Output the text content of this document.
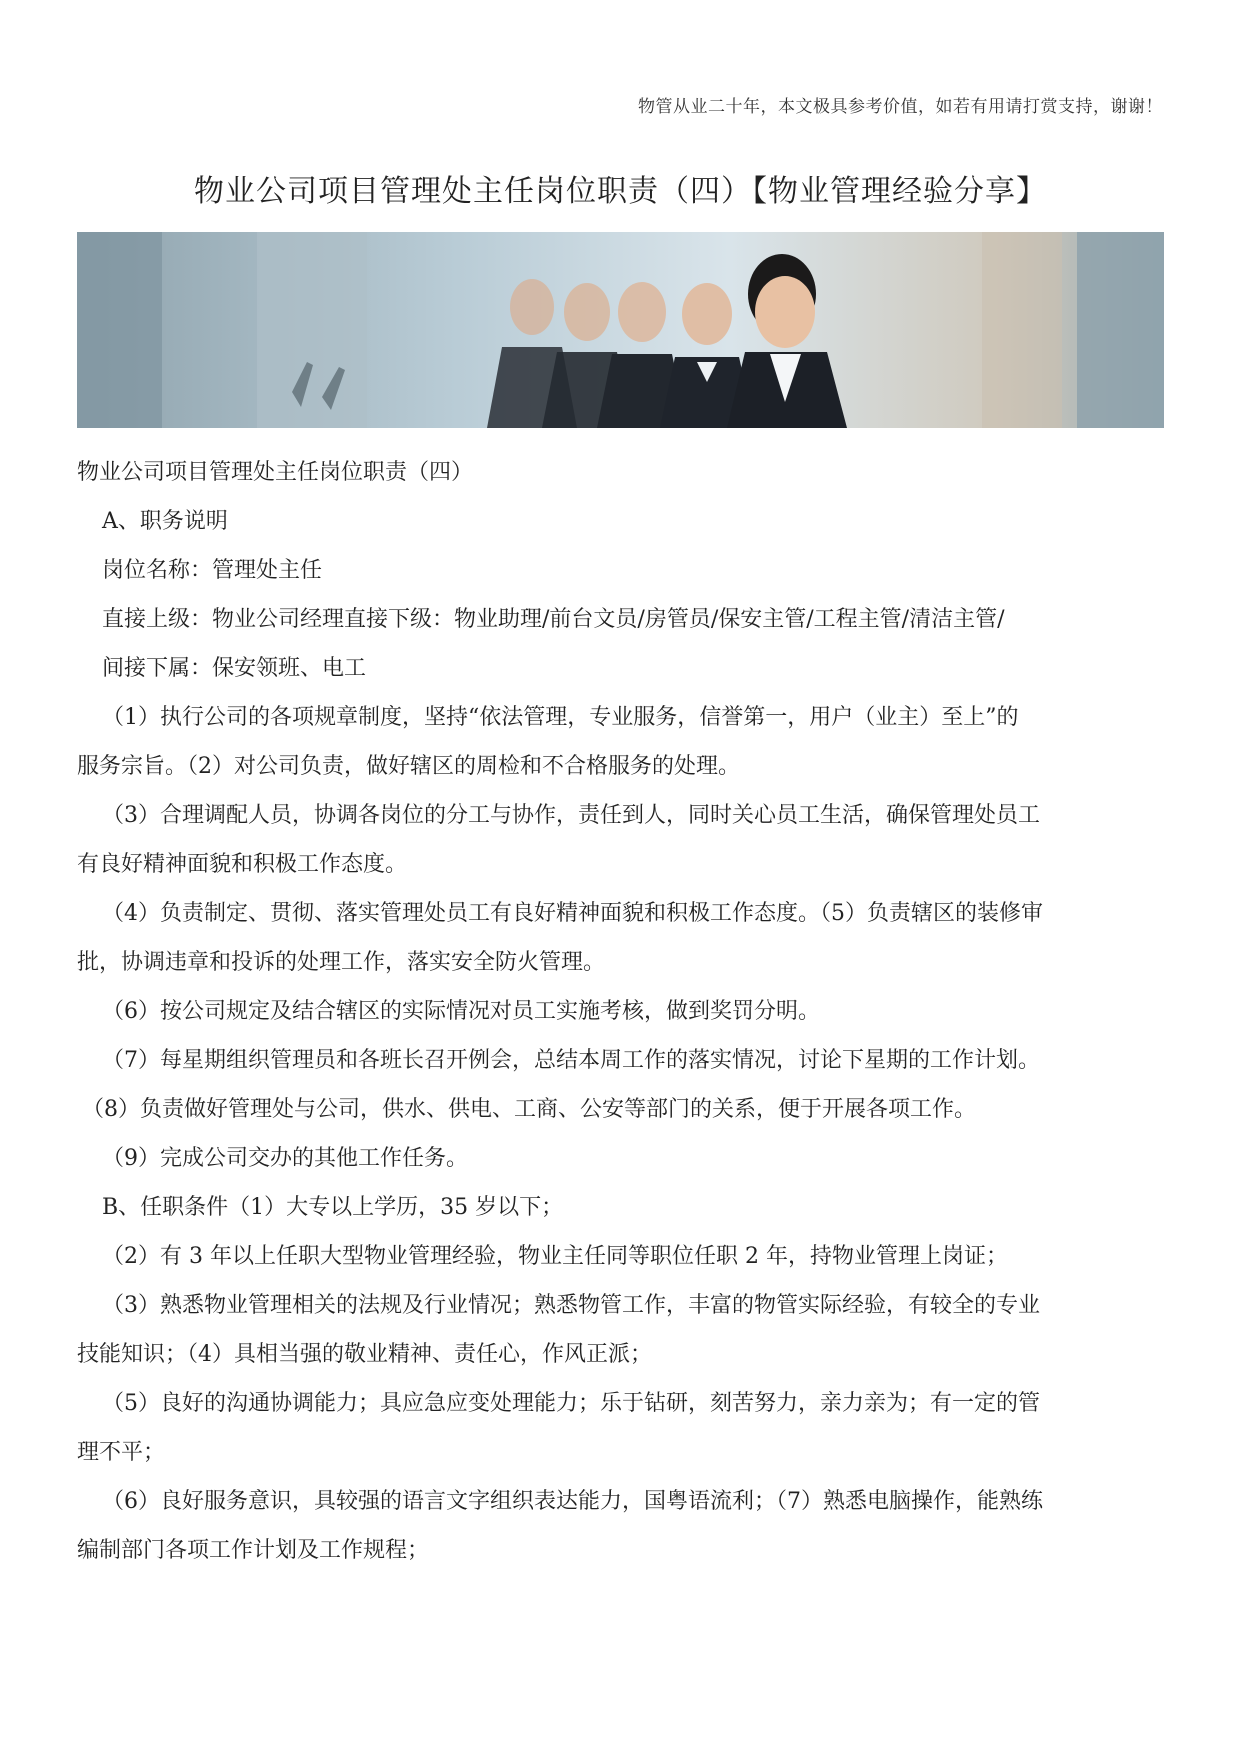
物管从业二十年，本文极具参考价值，如若有用请打赏支持，谢谢！
物业公司项目管理处主任岗位职责（四）【物业管理经验分享】

物业公司项目管理处主任岗位职责（四）

A、职务说明

岗位名称：管理处主任

直接上级：物业公司经理直接下级：物业助理/前台文员/房管员/保安主管/工程主管/清洁主管/

间接下属：保安领班、电工

（1）执行公司的各项规章制度，坚持“依法管理，专业服务，信誉第一，用户（业主）至上”的

服务宗旨。（2）对公司负责，做好辖区的周检和不合格服务的处理。

（3）合理调配人员，协调各岗位的分工与协作，责任到人，同时关心员工生活，确保管理处员工

有良好精神面貌和积极工作态度。

（4）负责制定、贯彻、落实管理处员工有良好精神面貌和积极工作态度。（5）负责辖区的装修审

批，协调违章和投诉的处理工作，落实安全防火管理。

（6）按公司规定及结合辖区的实际情况对员工实施考核，做到奖罚分明。

（7）每星期组织管理员和各班长召开例会，总结本周工作的落实情况，讨论下星期的工作计划。

（8）负责做好管理处与公司，供水、供电、工商、公安等部门的关系，便于开展各项工作。

（9）完成公司交办的其他工作任务。

B、任职条件（1）大专以上学历，35 岁以下；

（2）有 3 年以上任职大型物业管理经验，物业主任同等职位任职 2 年，持物业管理上岗证；

（3）熟悉物业管理相关的法规及行业情况；熟悉物管工作，丰富的物管实际经验，有较全的专业

技能知识；（4）具相当强的敬业精神、责任心，作风正派；

（5）良好的沟通协调能力；具应急应变处理能力；乐于钻研，刻苦努力，亲力亲为；有一定的管

理不平；

（6）良好服务意识，具较强的语言文字组织表达能力，国粤语流利；（7）熟悉电脑操作，能熟练

编制部门各项工作计划及工作规程；
